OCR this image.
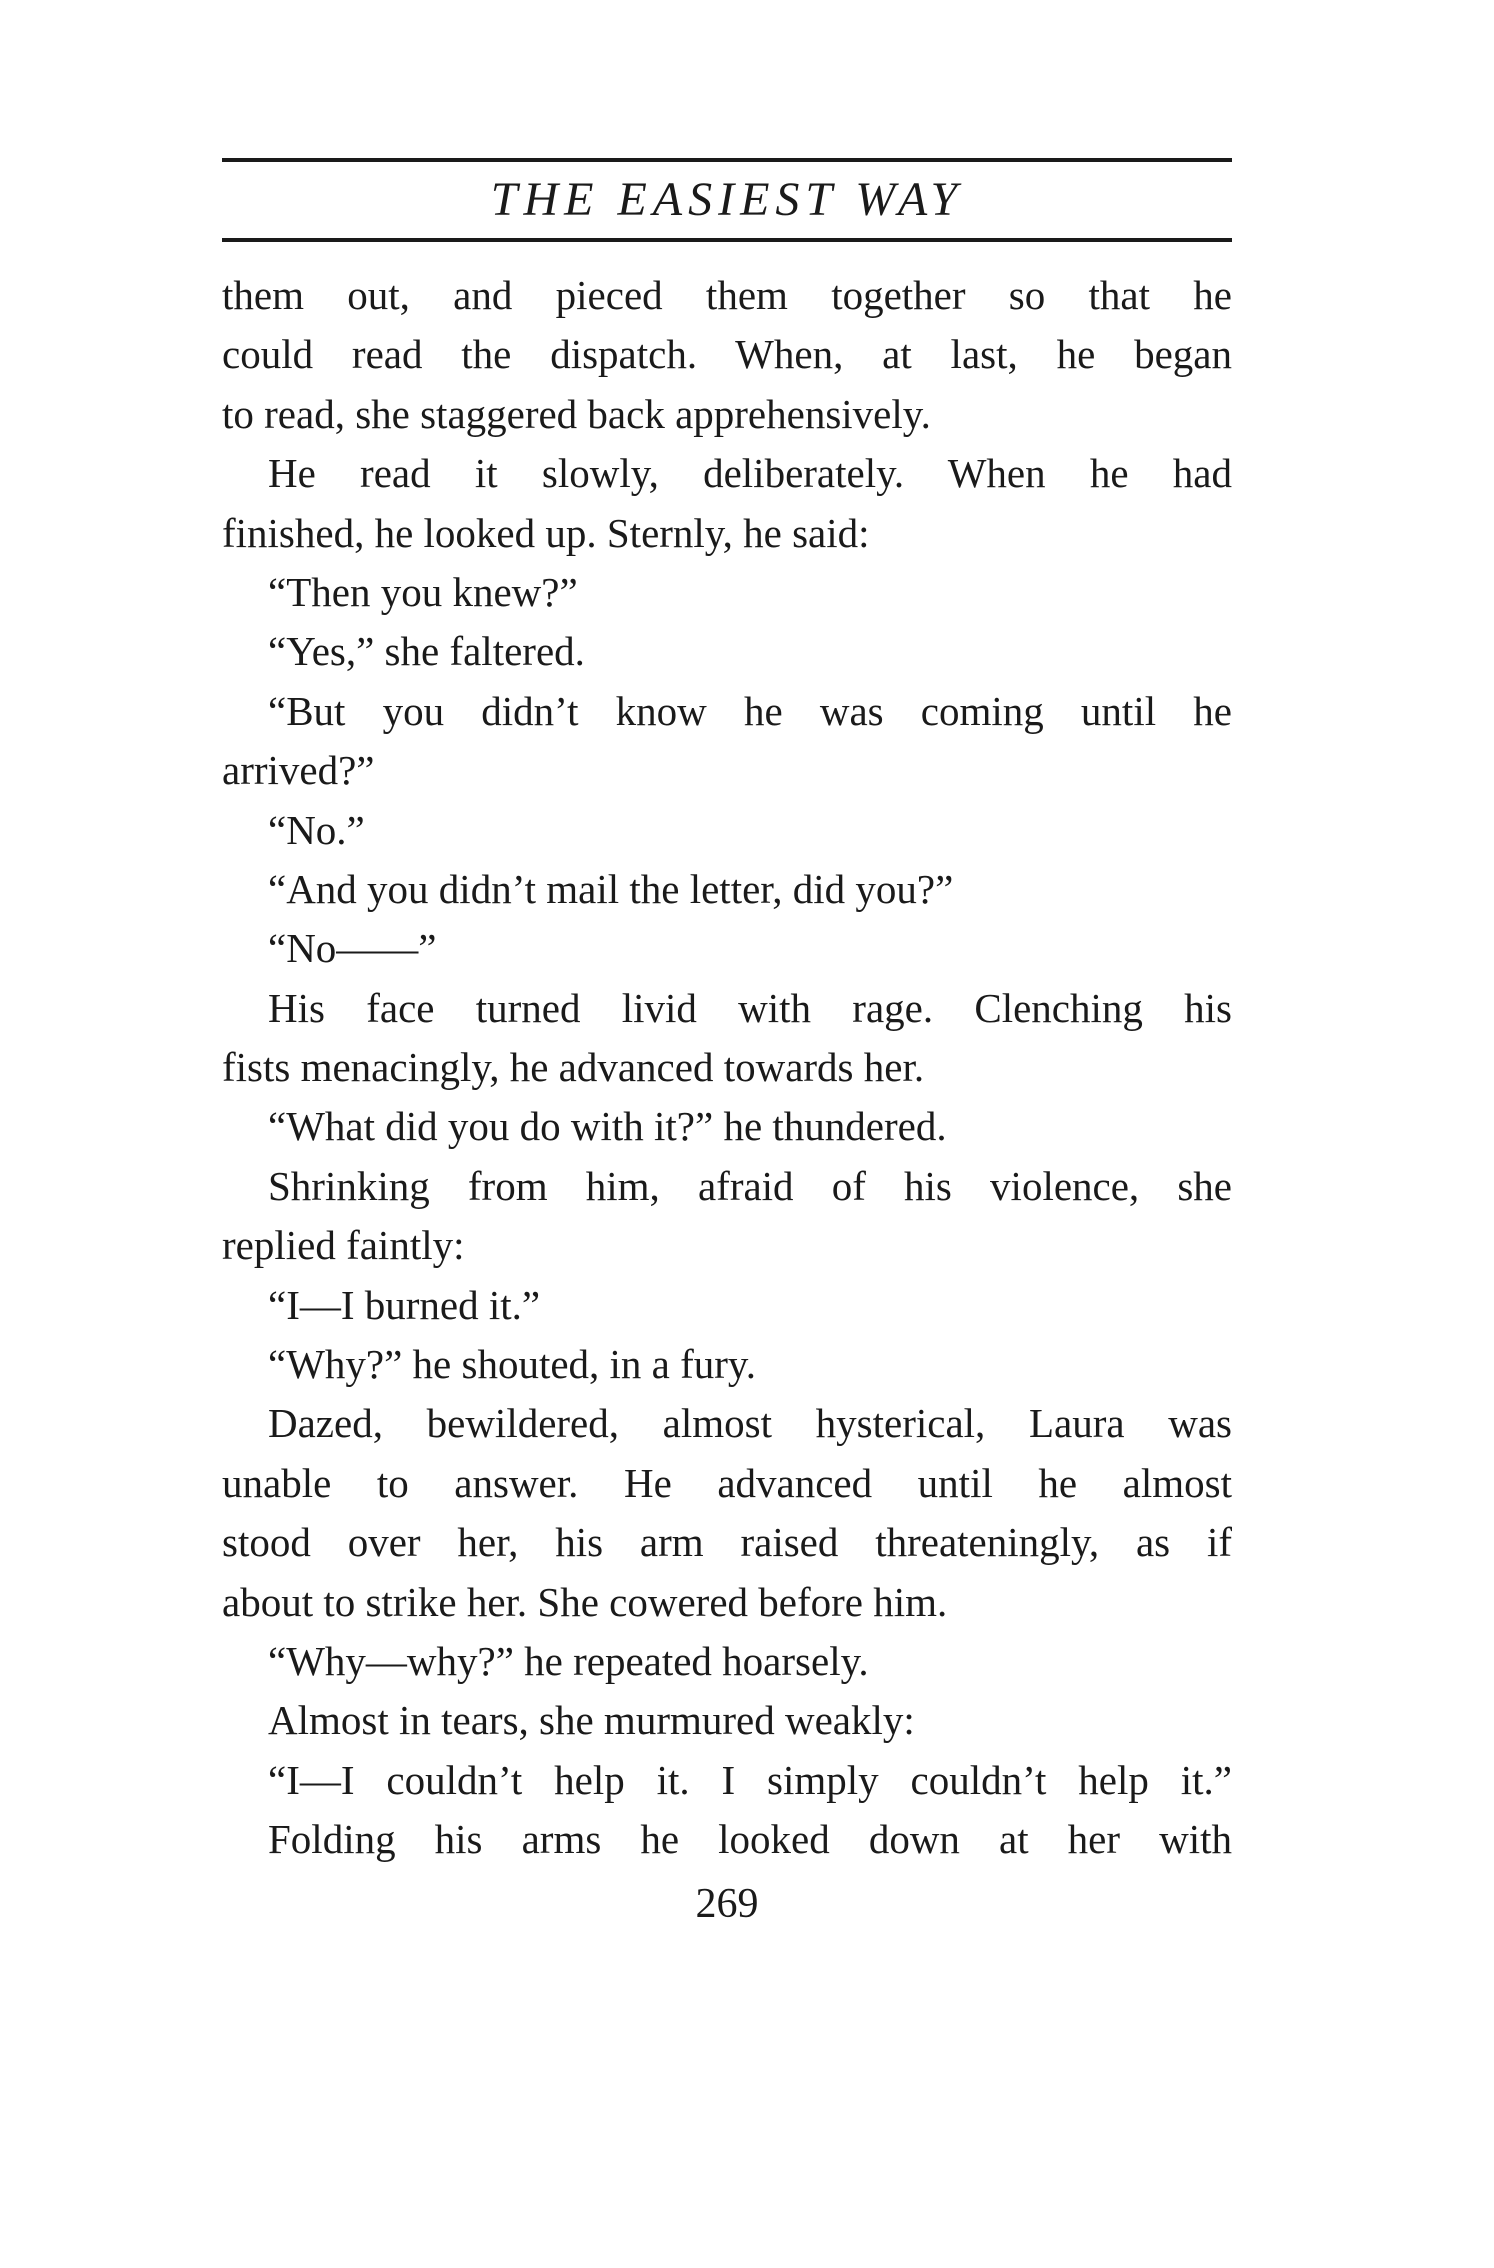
THE EASIEST WAY
them out, and pieced them together so that he
could read the dispatch. When, at last, he began
to read, she staggered back apprehensively.
He read it slowly, deliberately. When he had
finished, he looked up. Sternly, he said:
“Then you knew?”
“Yes,” she faltered.
“But you didn’t know he was coming until he
arrived?”
“No.”
“And you didn’t mail the letter, did you?”
“No——”
His face turned livid with rage. Clenching his
fists menacingly, he advanced towards her.
“What did you do with it?” he thundered.
Shrinking from him, afraid of his violence, she
replied faintly:
“I—I burned it.”
“Why?” he shouted, in a fury.
Dazed, bewildered, almost hysterical, Laura was
unable to answer. He advanced until he almost
stood over her, his arm raised threateningly, as if
about to strike her. She cowered before him.
“Why—why?” he repeated hoarsely.
Almost in tears, she murmured weakly:
“I—I couldn’t help it. I simply couldn’t help it.”
Folding his arms he looked down at her with
269
